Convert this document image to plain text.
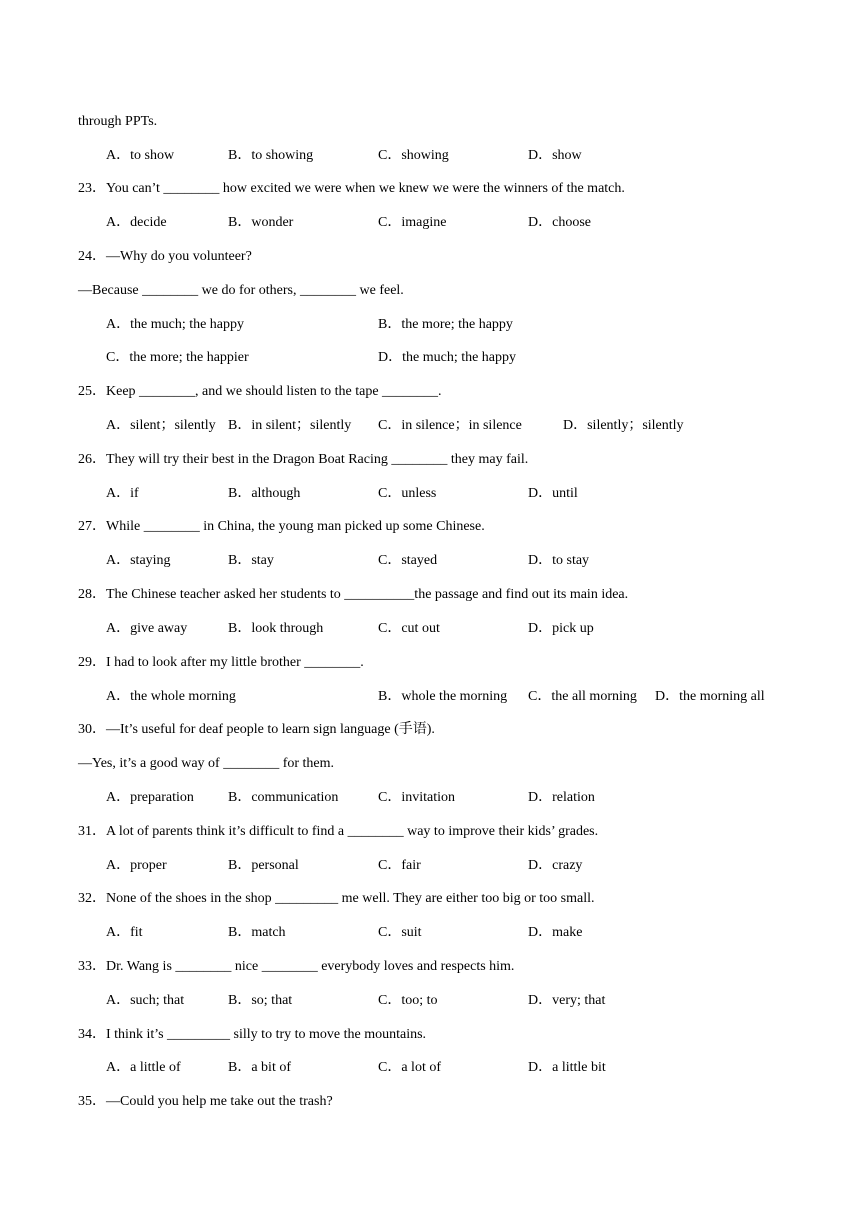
through PPTs.
A．to show	B．to showing	C．showing	D．show
23．You can’t ________ how excited we were when we knew we were the winners of the match.
A．decide	B．wonder	C．imagine	D．choose
24．—Why do you volunteer?
—Because ________ we do for others, ________ we feel.
A．the much; the happy	B．the more; the happy
C．the more; the happier	D．the much; the happy
25．Keep ________, and we should listen to the tape ________.
A．silent；silently B．in silent；silently C．in silence；in silence	D．silently；silently
26．They will try their best in the Dragon Boat Racing ________ they may fail.
A．if	B．although	C．unless	D．until
27．While ________ in China, the young man picked up some Chinese.
A．staying	B．stay	C．stayed	D．to stay
28．The Chinese teacher asked her students to __________the passage and find out its main idea.
A．give away	B．look through	C．cut out	D．pick up
29．I had to look after my little brother ________.
A．the whole morning	B．whole the morning C．the all morning D．the morning all
30．—It’s useful for deaf people to learn sign language (手语).
—Yes, it’s a good way of ________ for them.
A．preparation B．communication	C．invitation	D．relation
31．A lot of parents think it’s difficult to find a ________ way to improve their kids’ grades.
A．proper	B．personal	C．fair	D．crazy
32．None of the shoes in the shop _________ me well. They are either too big or too small.
A．fit	B．match	C．suit	D．make
33．Dr. Wang is ________ nice ________ everybody loves and respects him.
A．such; that	B．so; that	C．too; to	D．very; that
34．I think it’s _________ silly to try to move the mountains.
A．a little of	B．a bit of	C．a lot of	D．a little bit
35．—Could you help me take out the trash?
